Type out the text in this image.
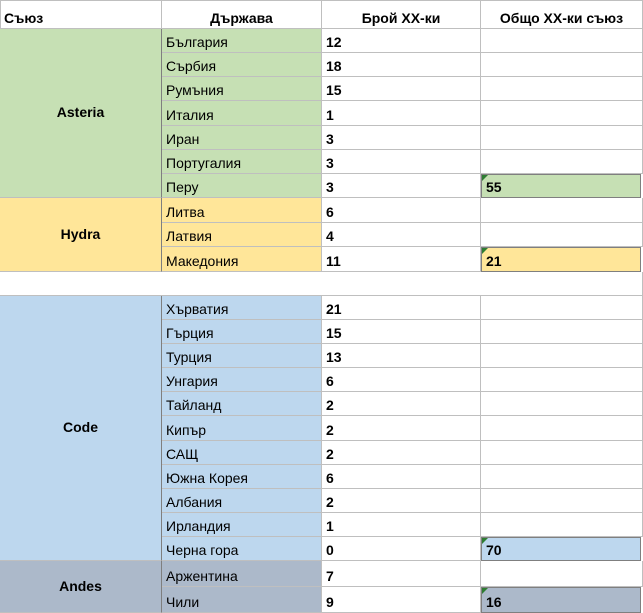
Съюз	Държава	Брой ХХ-ки	Общо ХХ-ки съюз
Asteria
България	12
Сърбия	18
Румъния	15
Италия	1
Иран	3
Португалия	3
Перу	3	55
Hydra
Литва	6
Латвия	4
Македония	11	21
Code
Хърватия	21
Гърция	15
Турция	13
Унгария	6
Тайланд	2
Кипър	2
САЩ	2
Южна Корея	6
Албания	2
Ирландия	1
Черна гора	0	70
Andes
Аржентина	7
Чили	9	16
